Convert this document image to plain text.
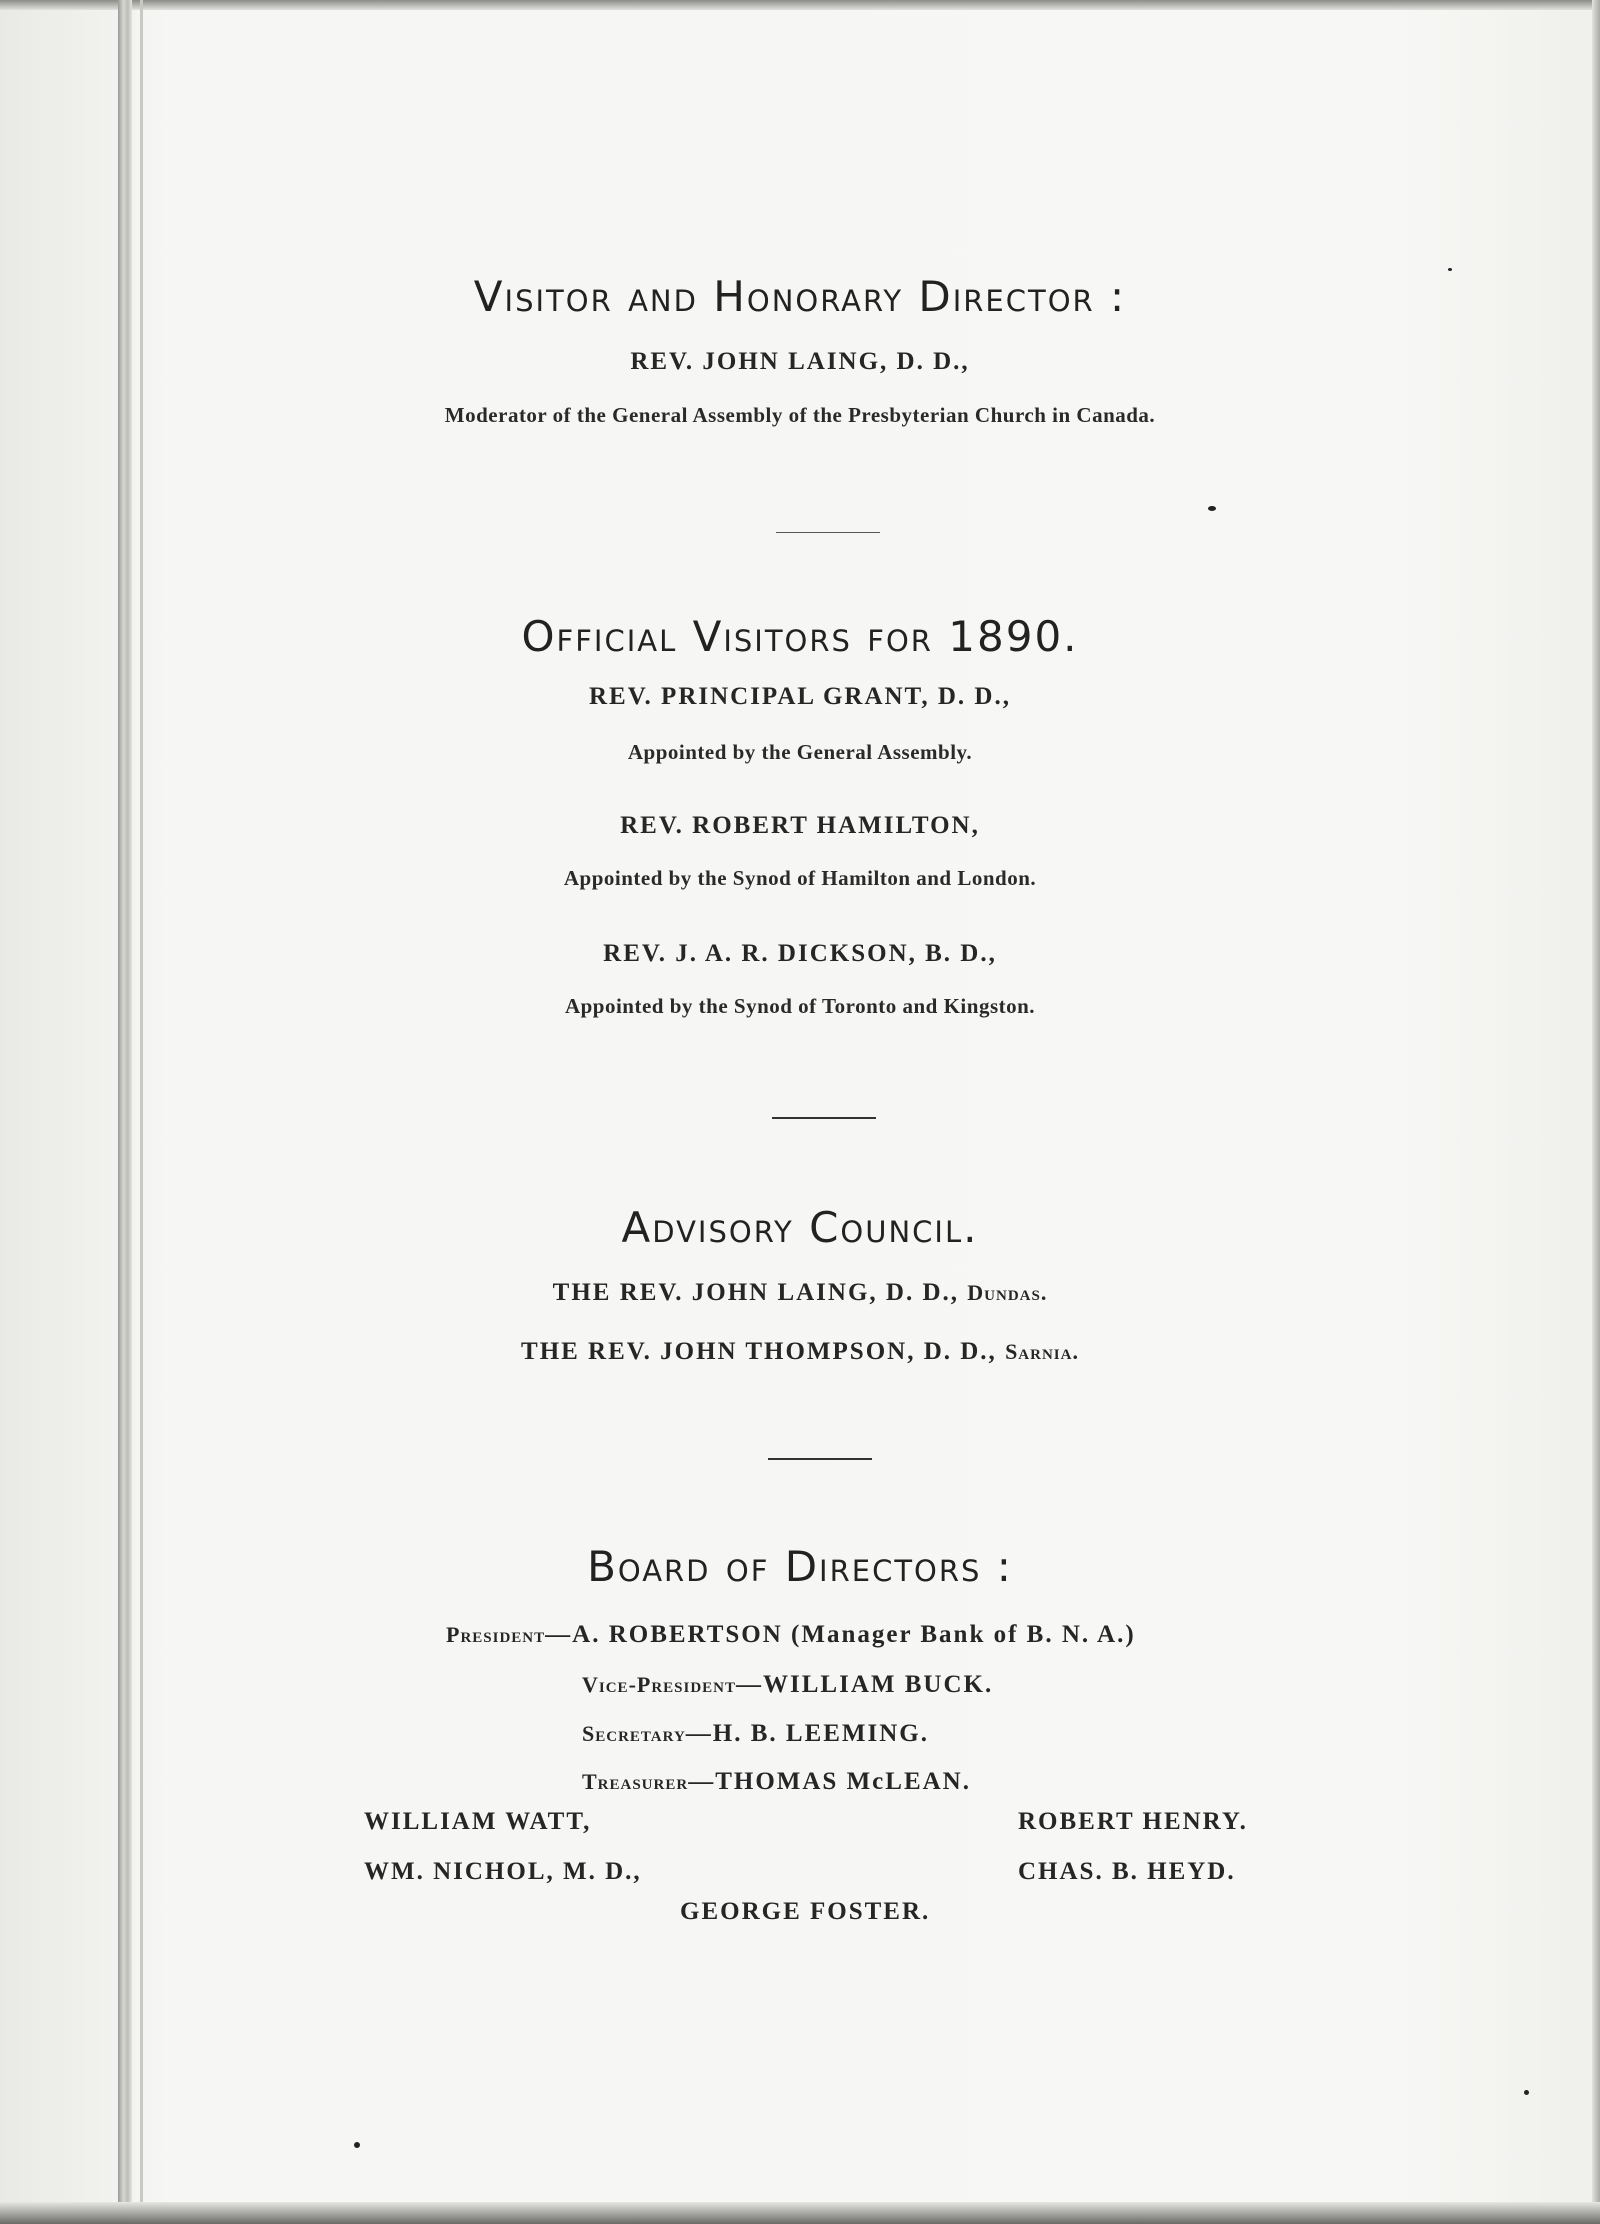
Visitor and Honorary Director :
REV. JOHN LAING, D. D.,
Moderator of the General Assembly of the Presbyterian Church in Canada.
Official Visitors for 1890.
REV. PRINCIPAL GRANT, D. D.,
Appointed by the General Assembly.
REV. ROBERT HAMILTON,
Appointed by the Synod of Hamilton and London.
REV. J. A. R. DICKSON, B. D.,
Appointed by the Synod of Toronto and Kingston.
Advisory Council.
THE REV. JOHN LAING, D. D., Dundas.
THE REV. JOHN THOMPSON, D. D., Sarnia.
Board of Directors :
President—A. ROBERTSON (Manager Bank of B. N. A.)
Vice-President—WILLIAM BUCK.
Secretary—H. B. LEEMING.
Treasurer—THOMAS McLEAN.
WILLIAM WATT,	ROBERT HENRY.
WM. NICHOL, M. D.,	CHAS. B. HEYD.
GEORGE FOSTER.
